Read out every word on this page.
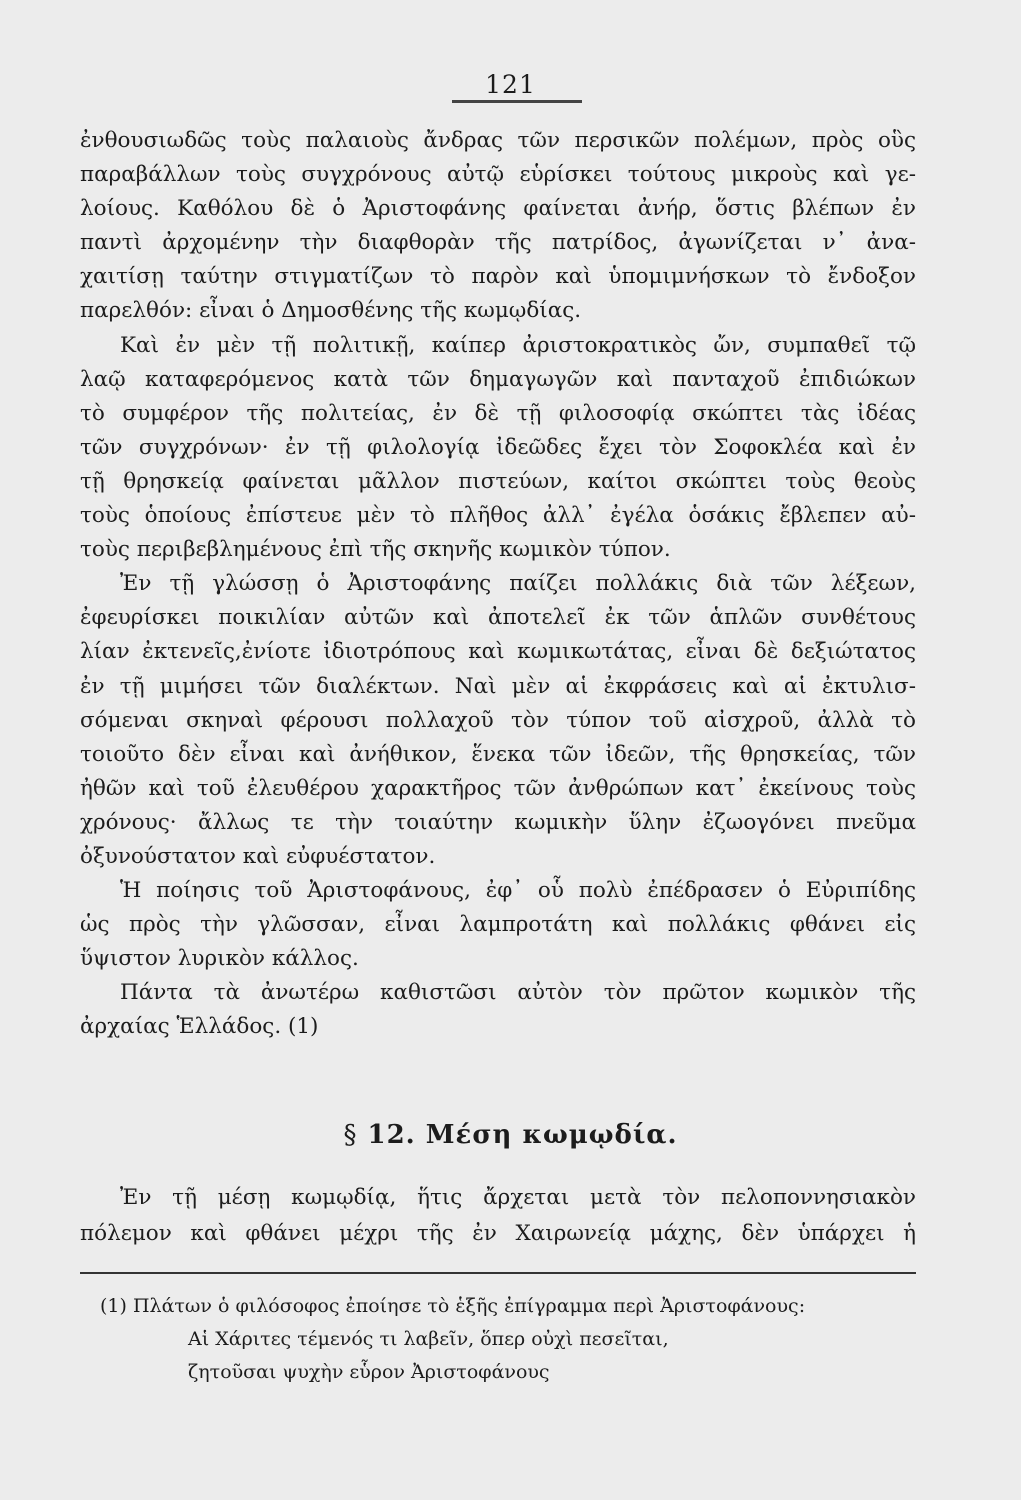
121

ἐνθουσιωδῶς τοὺς παλαιοὺς ἄνδρας τῶν περσικῶν πολέμων, πρὸς οὓς
παραβάλλων τοὺς συγχρόνους αὐτῷ εὑρίσκει τούτους μικροὺς καὶ γε-
λοίους. Καθόλου δὲ ὁ Ἀριστοφάνης φαίνεται ἀνήρ, ὅστις βλέπων ἐν
παντὶ ἀρχομένην τὴν διαφθορὰν τῆς πατρίδος, ἀγωνίζεται ν᾽ ἀνα-
χαιτίσῃ ταύτην στιγματίζων τὸ παρὸν καὶ ὑπομιμνήσκων τὸ ἔνδοξον
παρελθόν: εἶναι ὁ Δημοσθένης τῆς κωμῳδίας.

Καὶ ἐν μὲν τῇ πολιτικῇ, καίπερ ἀριστοκρατικὸς ὤν, συμπαθεῖ τῷ
λαῷ καταφερόμενος κατὰ τῶν δημαγωγῶν καὶ πανταχοῦ ἐπιδιώκων
τὸ συμφέρον τῆς πολιτείας, ἐν δὲ τῇ φιλοσοφίᾳ σκώπτει τὰς ἰδέας
τῶν συγχρόνων· ἐν τῇ φιλολογίᾳ ἰδεῶδες ἔχει τὸν Σοφοκλέα καὶ ἐν
τῇ θρησκείᾳ φαίνεται μᾶλλον πιστεύων, καίτοι σκώπτει τοὺς θεοὺς
τοὺς ὁποίους ἐπίστευε μὲν τὸ πλῆθος ἀλλ᾽ ἐγέλα ὁσάκις ἔβλεπεν αὐ-
τοὺς περιβεβλημένους ἐπὶ τῆς σκηνῆς κωμικὸν τύπον.

Ἐν τῇ γλώσσῃ ὁ Ἀριστοφάνης παίζει πολλάκις διὰ τῶν λέξεων,
ἐφευρίσκει ποικιλίαν αὐτῶν καὶ ἀποτελεῖ ἐκ τῶν ἁπλῶν συνθέτους
λίαν ἐκτενεῖς,ἐνίοτε ἰδιοτρόπους καὶ κωμικωτάτας, εἶναι δὲ δεξιώτατος
ἐν τῇ μιμήσει τῶν διαλέκτων. Ναὶ μὲν αἱ ἐκφράσεις καὶ αἱ ἐκτυλισ-
σόμεναι σκηναὶ φέρουσι πολλαχοῦ τὸν τύπον τοῦ αἰσχροῦ, ἀλλὰ τὸ
τοιοῦτο δὲν εἶναι καὶ ἀνήθικον, ἕνεκα τῶν ἰδεῶν, τῆς θρησκείας, τῶν
ἠθῶν καὶ τοῦ ἐλευθέρου χαρακτῆρος τῶν ἀνθρώπων κατ᾽ ἐκείνους τοὺς
χρόνους· ἄλλως τε τὴν τοιαύτην κωμικὴν ὕλην ἐζωογόνει πνεῦμα
ὀξυνούστατον καὶ εὐφυέστατον.

Ἡ ποίησις τοῦ Ἀριστοφάνους, ἐφ᾽ οὗ πολὺ ἐπέδρασεν ὁ Εὐριπίδης
ὡς πρὸς τὴν γλῶσσαν, εἶναι λαμπροτάτη καὶ πολλάκις φθάνει εἰς
ὕψιστον λυρικὸν κάλλος.

Πάντα τὰ ἀνωτέρω καθιστῶσι αὐτὸν τὸν πρῶτον κωμικὸν τῆς
ἀρχαίας Ἑλλάδος. (1)

§ 12. Μέση κωμῳδία.
Ἐν τῇ μέσῃ κωμῳδίᾳ, ἥτις ἄρχεται μετὰ τὸν πελοποννησιακὸν
πόλεμον καὶ φθάνει μέχρι τῆς ἐν Χαιρωνείᾳ μάχης, δὲν ὑπάρχει ἡ
(1) Πλάτων ὁ φιλόσοφος ἐποίησε τὸ ἑξῆς ἐπίγραμμα περὶ Ἀριστοφάνους:
Αἱ Χάριτες τέμενός τι λαβεῖν, ὅπερ οὐχὶ πεσεῖται,
ζητοῦσαι ψυχὴν εὗρον Ἀριστοφάνους
